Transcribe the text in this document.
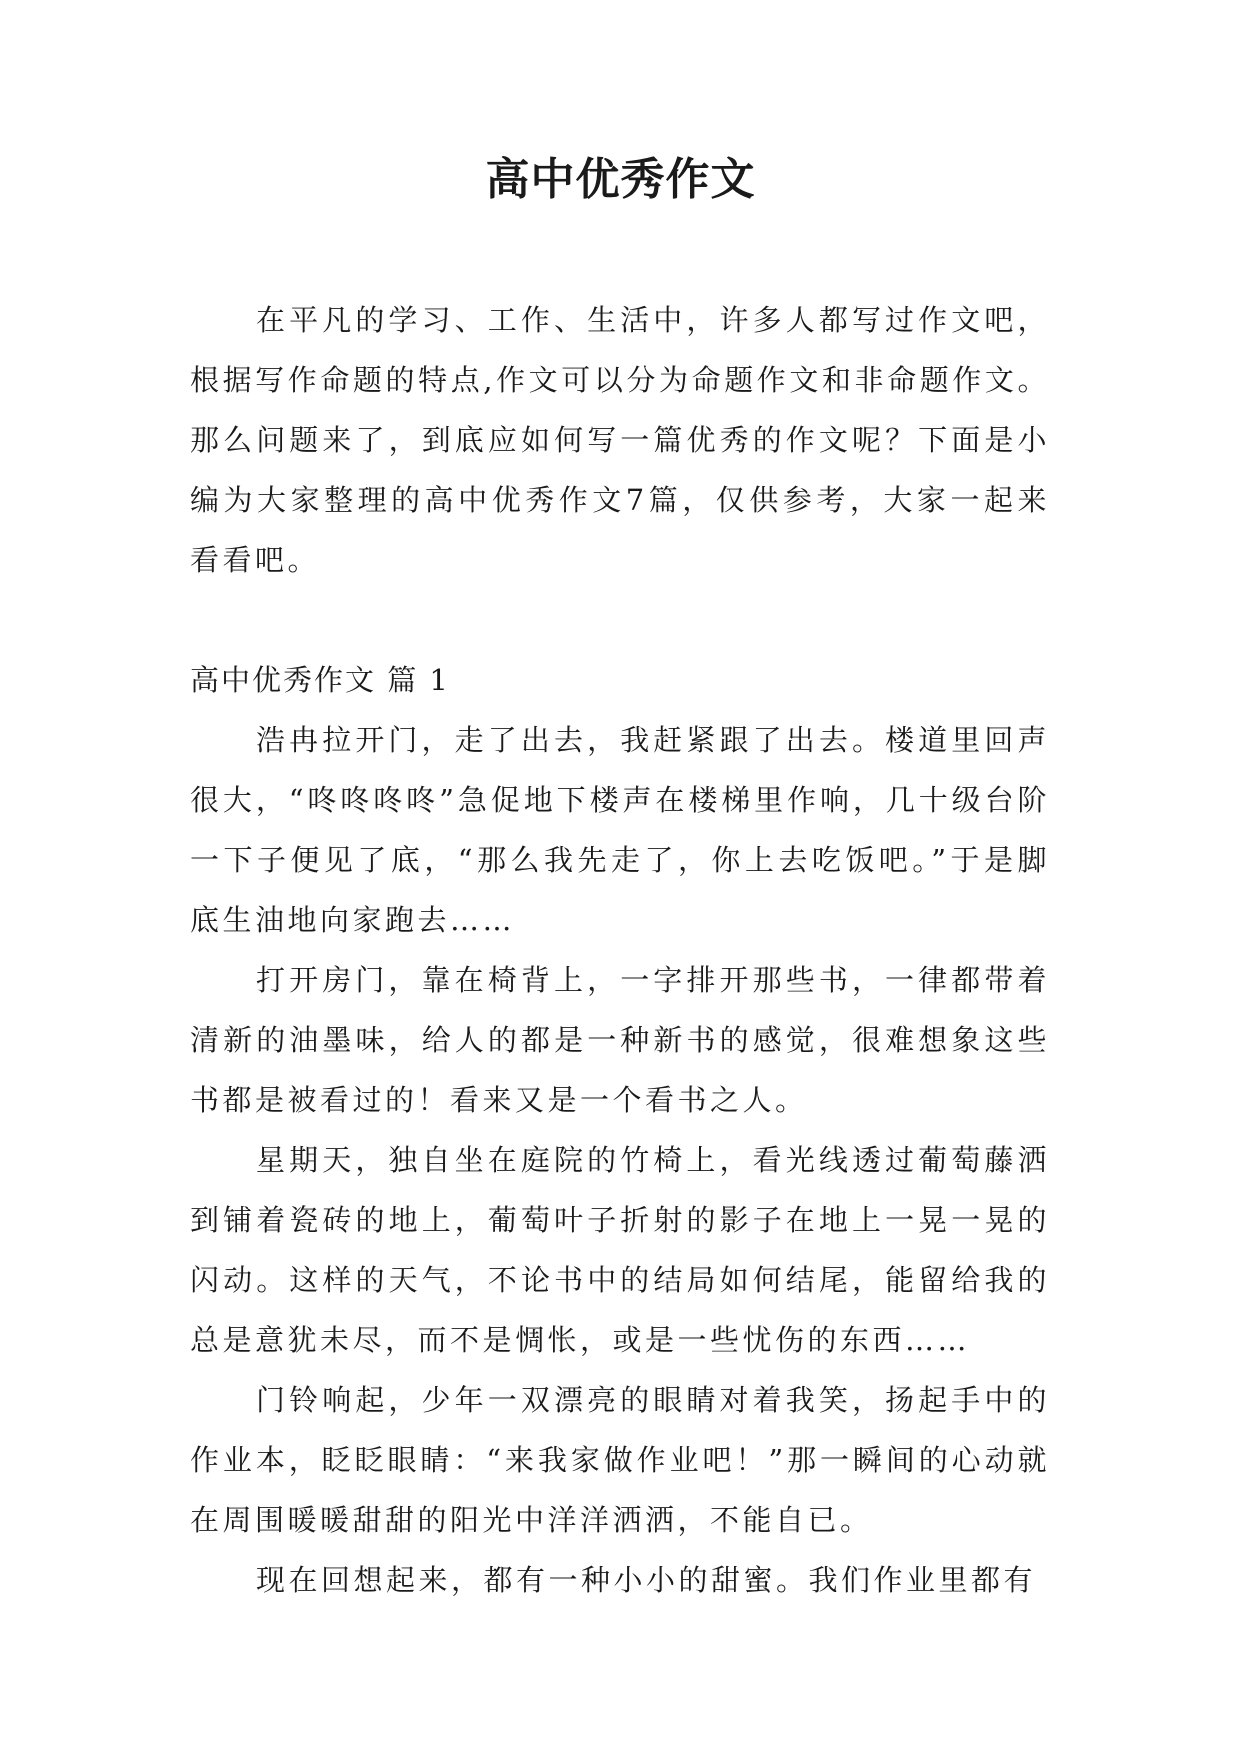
高中优秀作文

在平凡的学习、工作、生活中，许多人都写过作文吧，根据写作命题的特点,作文可以分为命题作文和非命题作文。那么问题来了，到底应如何写一篇优秀的作文呢？下面是小编为大家整理的高中优秀作文7篇，仅供参考，大家一起来看看吧。

高中优秀作文 篇 1

浩冉拉开门，走了出去，我赶紧跟了出去。楼道里回声很大，“咚咚咚咚”急促地下楼声在楼梯里作响，几十级台阶一下子便见了底，“那么我先走了，你上去吃饭吧。”于是脚底生油地向家跑去……

打开房门，靠在椅背上，一字排开那些书，一律都带着清新的油墨味，给人的都是一种新书的感觉，很难想象这些书都是被看过的！看来又是一个看书之人。

星期天，独自坐在庭院的竹椅上，看光线透过葡萄藤洒到铺着瓷砖的地上，葡萄叶子折射的影子在地上一晃一晃的闪动。这样的天气，不论书中的结局如何结尾，能留给我的总是意犹未尽，而不是惆怅，或是一些忧伤的东西……

门铃响起，少年一双漂亮的眼睛对着我笑，扬起手中的作业本，眨眨眼睛：“来我家做作业吧！”那一瞬间的心动就在周围暖暖甜甜的阳光中洋洋洒洒，不能自已。

现在回想起来，都有一种小小的甜蜜。我们作业里都有
